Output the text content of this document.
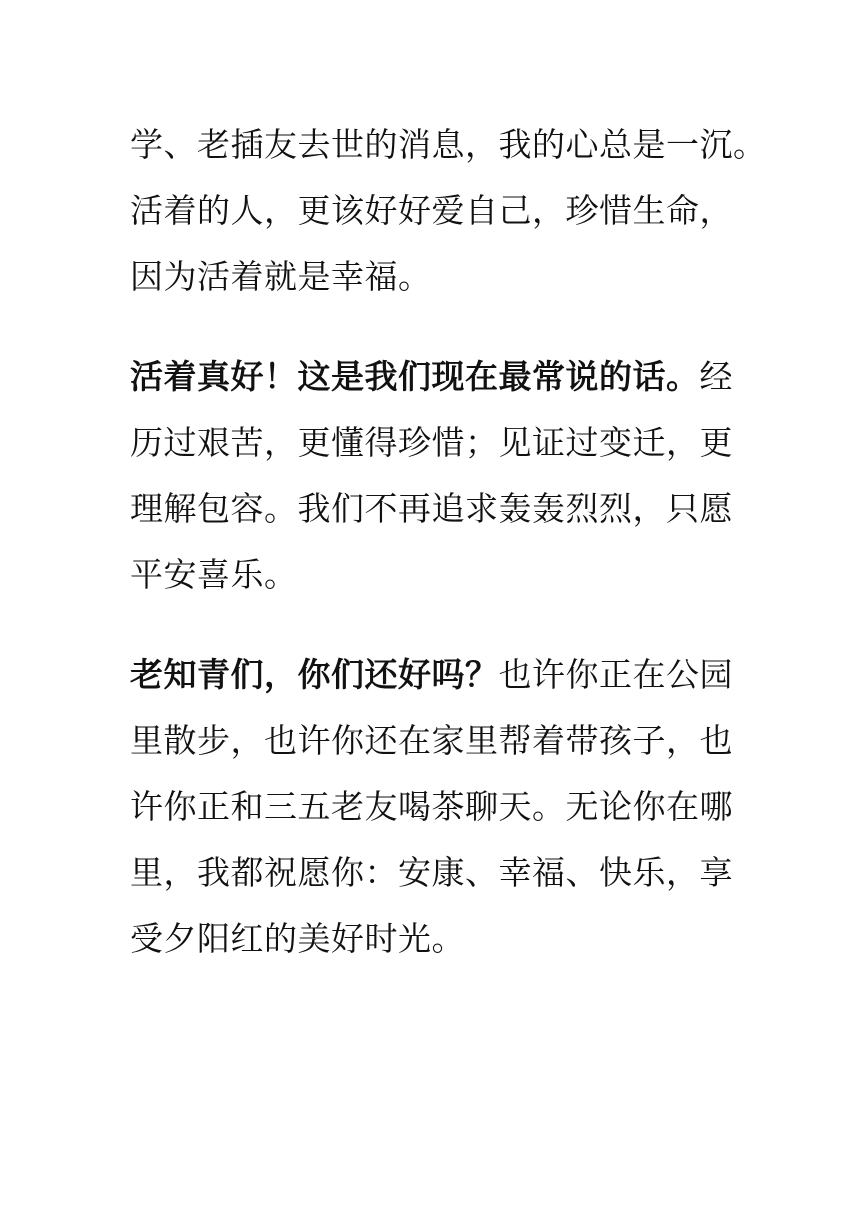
学、老插友去世的消息，我的心总是一沉。
活着的人，更该好好爱自己，珍惜生命，
因为活着就是幸福。
活着真好！这是我们现在最常说的话。经
历过艰苦，更懂得珍惜；见证过变迁，更
理解包容。我们不再追求轰轰烈烈，只愿
平安喜乐。
老知青们，你们还好吗？也许你正在公园
里散步，也许你还在家里帮着带孩子，也
许你正和三五老友喝茶聊天。无论你在哪
里，我都祝愿你：安康、幸福、快乐，享
受夕阳红的美好时光。
